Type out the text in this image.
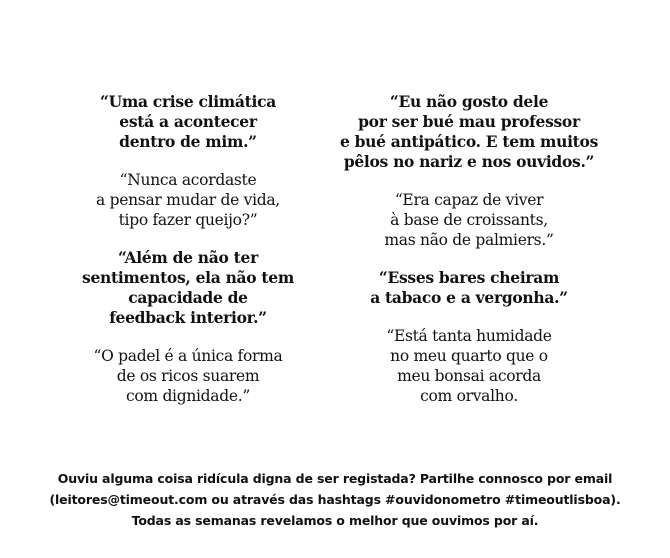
“Uma crise climática
está a acontecer
dentro de mim.”

“Nunca acordaste
a pensar mudar de vida,
tipo fazer queijo?”

“Além de não ter
sentimentos, ela não tem
capacidade de
feedback interior.”

“O padel é a única forma
de os ricos suarem
com dignidade.”

“Eu não gosto dele
por ser bué mau professor
e bué antipático. E tem muitos
pêlos no nariz e nos ouvidos.”

“Era capaz de viver
à base de croissants,
mas não de palmiers.”

“Esses bares cheiram
a tabaco e a vergonha.”

“Está tanta humidade
no meu quarto que o
meu bonsai acorda
com orvalho.

Ouviu alguma coisa ridícula digna de ser registada? Partilhe connosco por email

(leitores@timeout.com ou através das hashtags #ouvidonometro #timeoutlisboa).

Todas as semanas revelamos o melhor que ouvimos por aí.
